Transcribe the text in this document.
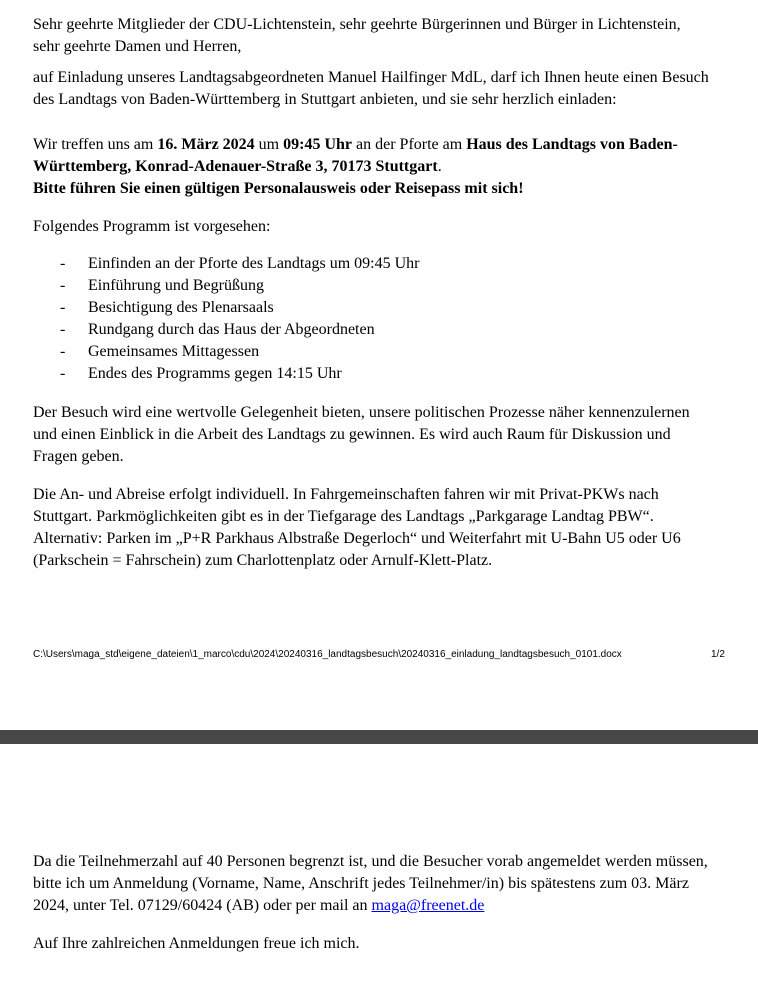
Sehr geehrte Mitglieder der CDU-Lichtenstein, sehr geehrte Bürgerinnen und Bürger in Lichtenstein,
sehr geehrte Damen und Herren,

auf Einladung unseres Landtagsabgeordneten Manuel Hailfinger MdL, darf ich Ihnen heute einen Besuch
des Landtags von Baden-Württemberg in Stuttgart anbieten, und sie sehr herzlich einladen:

Wir treffen uns am 16. März 2024 um 09:45 Uhr an der Pforte am Haus des Landtags von Baden-
Württemberg, Konrad-Adenauer-Straße 3, 70173 Stuttgart.
Bitte führen Sie einen gültigen Personalausweis oder Reisepass mit sich!

Folgendes Programm ist vorgesehen:

- Einfinden an der Pforte des Landtags um 09:45 Uhr
- Einführung und Begrüßung
- Besichtigung des Plenarsaals
- Rundgang durch das Haus der Abgeordneten
- Gemeinsames Mittagessen
- Endes des Programms gegen 14:15 Uhr

Der Besuch wird eine wertvolle Gelegenheit bieten, unsere politischen Prozesse näher kennenzulernen
und einen Einblick in die Arbeit des Landtags zu gewinnen. Es wird auch Raum für Diskussion und
Fragen geben.

Die An- und Abreise erfolgt individuell. In Fahrgemeinschaften fahren wir mit Privat-PKWs nach
Stuttgart. Parkmöglichkeiten gibt es in der Tiefgarage des Landtags „Parkgarage Landtag PBW“.
Alternativ: Parken im „P+R Parkhaus Albstraße Degerloch“ und Weiterfahrt mit U-Bahn U5 oder U6
(Parkschein = Fahrschein) zum Charlottenplatz oder Arnulf-Klett-Platz.

C:\Users\maga_std\eigene_dateien\1_marco\cdu\2024\20240316_landtagsbesuch\20240316_einladung_landtagsbesuch_0101.docx	1/2

Da die Teilnehmerzahl auf 40 Personen begrenzt ist, und die Besucher vorab angemeldet werden müssen,
bitte ich um Anmeldung (Vorname, Name, Anschrift jedes Teilnehmer/in) bis spätestens zum 03. März
2024, unter Tel. 07129/60424 (AB) oder per mail an maga@freenet.de

Auf Ihre zahlreichen Anmeldungen freue ich mich.
